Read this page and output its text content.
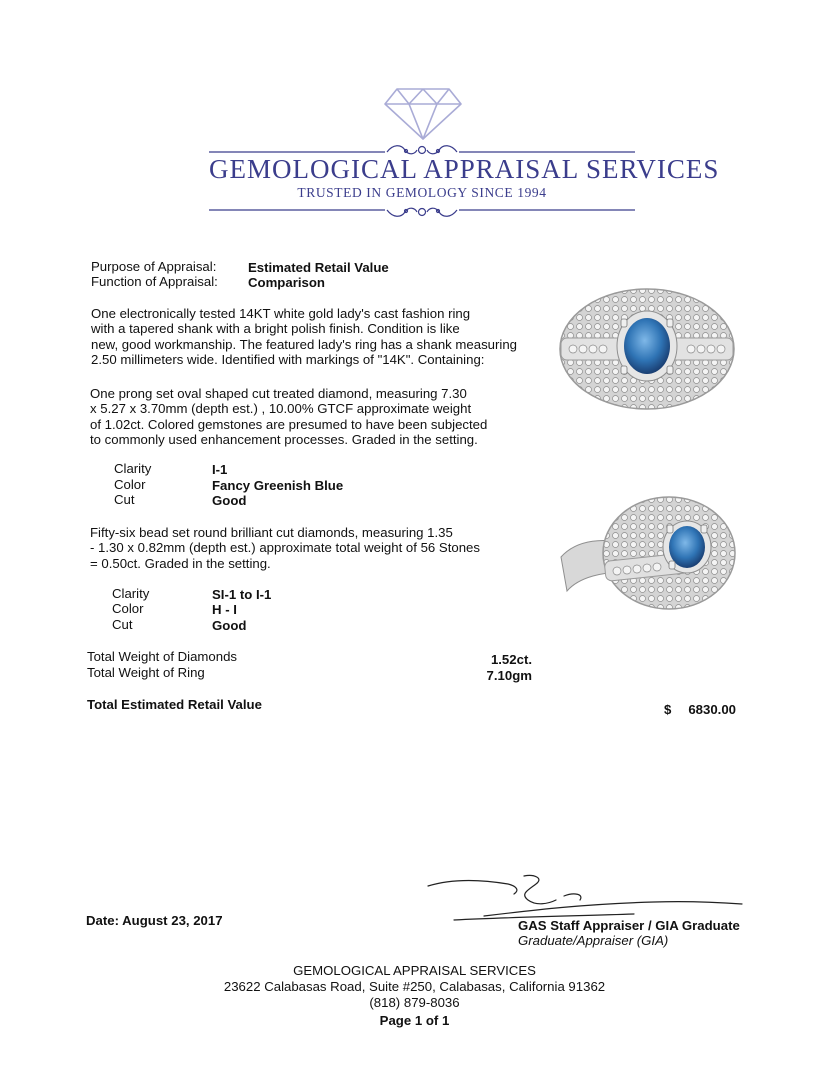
GEMOLOGICAL APPRAISAL SERVICES
TRUSTED IN GEMOLOGY SINCE 1994
Purpose of Appraisal: Estimated Retail Value
Function of Appraisal: Comparison
One electronically tested 14KT white gold lady's cast fashion ring
with a tapered shank with a bright polish finish. Condition is like
new, good workmanship. The featured lady's ring has a shank measuring
2.50 millimeters wide. Identified with markings of "14K". Containing:
One prong set oval shaped cut treated diamond, measuring 7.30
x 5.27 x 3.70mm (depth est.) , 10.00% GTCF approximate weight
of 1.02ct. Colored gemstones are presumed to have been subjected
to commonly used enhancement processes. Graded in the setting.
Clarity	I-1
Color	Fancy Greenish Blue
Cut	Good
Fifty-six bead set round brilliant cut diamonds, measuring 1.35
- 1.30 x 0.82mm (depth est.) approximate total weight of 56 Stones
= 0.50ct. Graded in the setting.
Clarity	SI-1 to I-1
Color	H - I
Cut	Good
Total Weight of Diamonds	1.52ct.
Total Weight of Ring	7.10gm
Total Estimated Retail Value	$	6830.00
Date: August 23, 2017	GAS Staff Appraiser / GIA Graduate
Graduate/Appraiser (GIA)
GEMOLOGICAL APPRAISAL SERVICES
23622 Calabasas Road, Suite #250, Calabasas, California 91362
(818) 879-8036
Page 1 of 1
